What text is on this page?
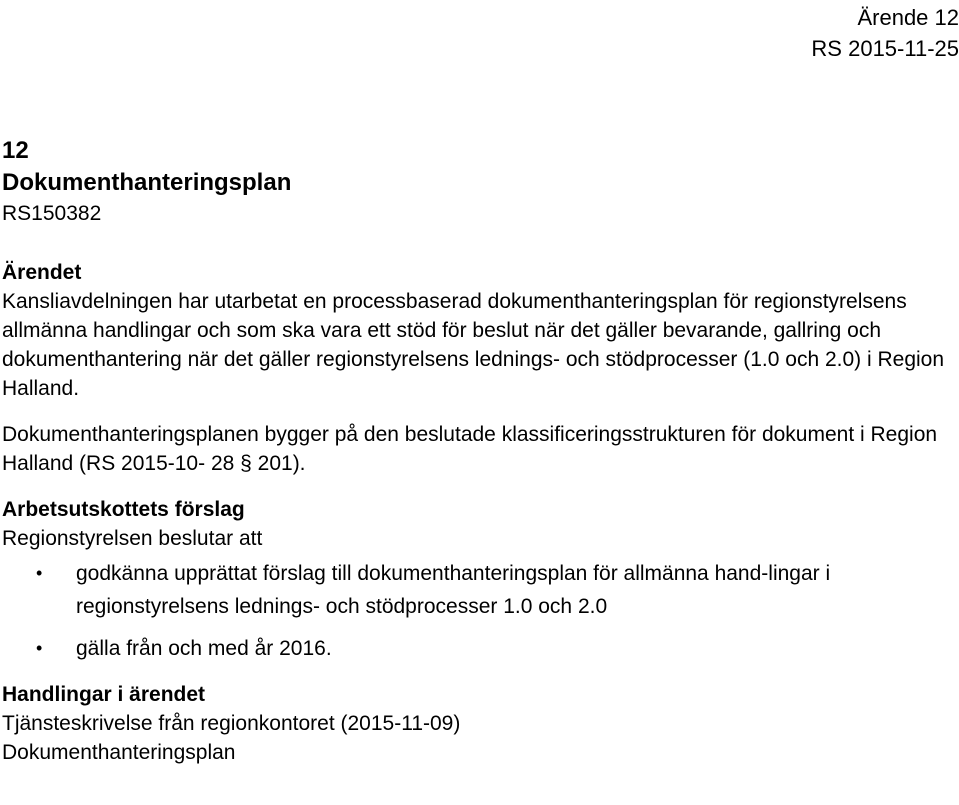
Ärende 12
RS 2015-11-25
12
Dokumenthanteringsplan
RS150382
Ärendet

Kansliavdelningen har utarbetat en processbaserad dokumenthanteringsplan för regionstyrelsens allmänna handlingar och som ska vara ett stöd för beslut när det gäller bevarande, gallring och dokumenthantering när det gäller regionstyrelsens lednings- och stödprocesser (1.0 och 2.0) i Region Halland.

Dokumenthanteringsplanen bygger på den beslutade klassificeringsstrukturen för dokument i Region Halland (RS 2015-10- 28 § 201).

Arbetsutskottets förslag
Regionstyrelsen beslutar att
• godkänna upprättat förslag till dokumenthanteringsplan för allmänna hand-lingar i regionstyrelsens lednings- och stödprocesser 1.0 och 2.0
• gälla från och med år 2016.
Handlingar i ärendet
Tjänsteskrivelse från regionkontoret (2015-11-09)
Dokumenthanteringsplan
